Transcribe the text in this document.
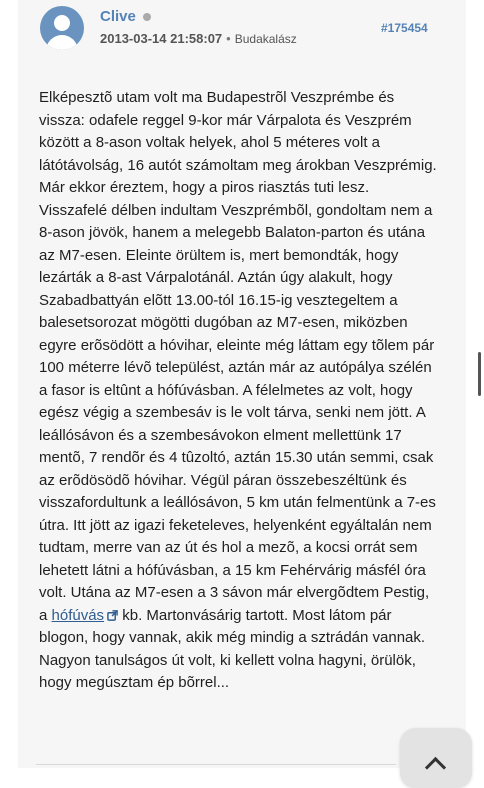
Clive
2013-03-14 21:58:07 • Budakalász
#175454

Elképesztõ utam volt ma Budapestrõl Veszprémbe és vissza: odafele reggel 9-kor már Várpalota és Veszprém között a 8-ason voltak helyek, ahol 5 méteres volt a látótávolság, 16 autót számoltam meg árokban Veszprémig. Már ekkor éreztem, hogy a piros riasztás tuti lesz.

Visszafelé délben indultam Veszprémbõl, gondoltam nem a 8-ason jövök, hanem a melegebb Balaton-parton és utána az M7-esen. Eleinte örültem is, mert bemondták, hogy lezárták a 8-ast Várpalotánál. Aztán úgy alakult, hogy Szabadbattyán elõtt 13.00-tól 16.15-ig vesztegeltem a balesetsorozat mögötti dugóban az M7-esen, miközben egyre erõsödött a hóvihar, eleinte még láttam egy tõlem pár 100 méterre lévõ települést, aztán már az autópálya szélén a fasor is eltûnt a hófúvásban. A félelmetes az volt, hogy egész végig a szembesáv is le volt tárva, senki nem jött. A leállósávon és a szembesávokon elment mellettünk 17 mentõ, 7 rendõr és 4 tûzoltó, aztán 15.30 után semmi, csak az erõdösödõ hóvihar. Végül páran összebeszéltünk és visszafordultunk a leállósávon, 5 km után felmentünk a 7-es útra. Itt jött az igazi feketeleves, helyenként egyáltalán nem tudtam, merre van az út és hol a mezõ, a kocsi orrát sem lehetett látni a hófúvásban, a 15 km Fehérvárig másfél óra volt. Utána az M7-esen a 3 sávon már elvergõdtem Pestig, a hófúvás kb. Martonvásárig tartott. Most látom pár blogon, hogy vannak, akik még mindig a sztrádán vannak. Nagyon tanulságos út volt, ki kellett volna hagyni, örülök, hogy megúsztam ép bõrrel...
